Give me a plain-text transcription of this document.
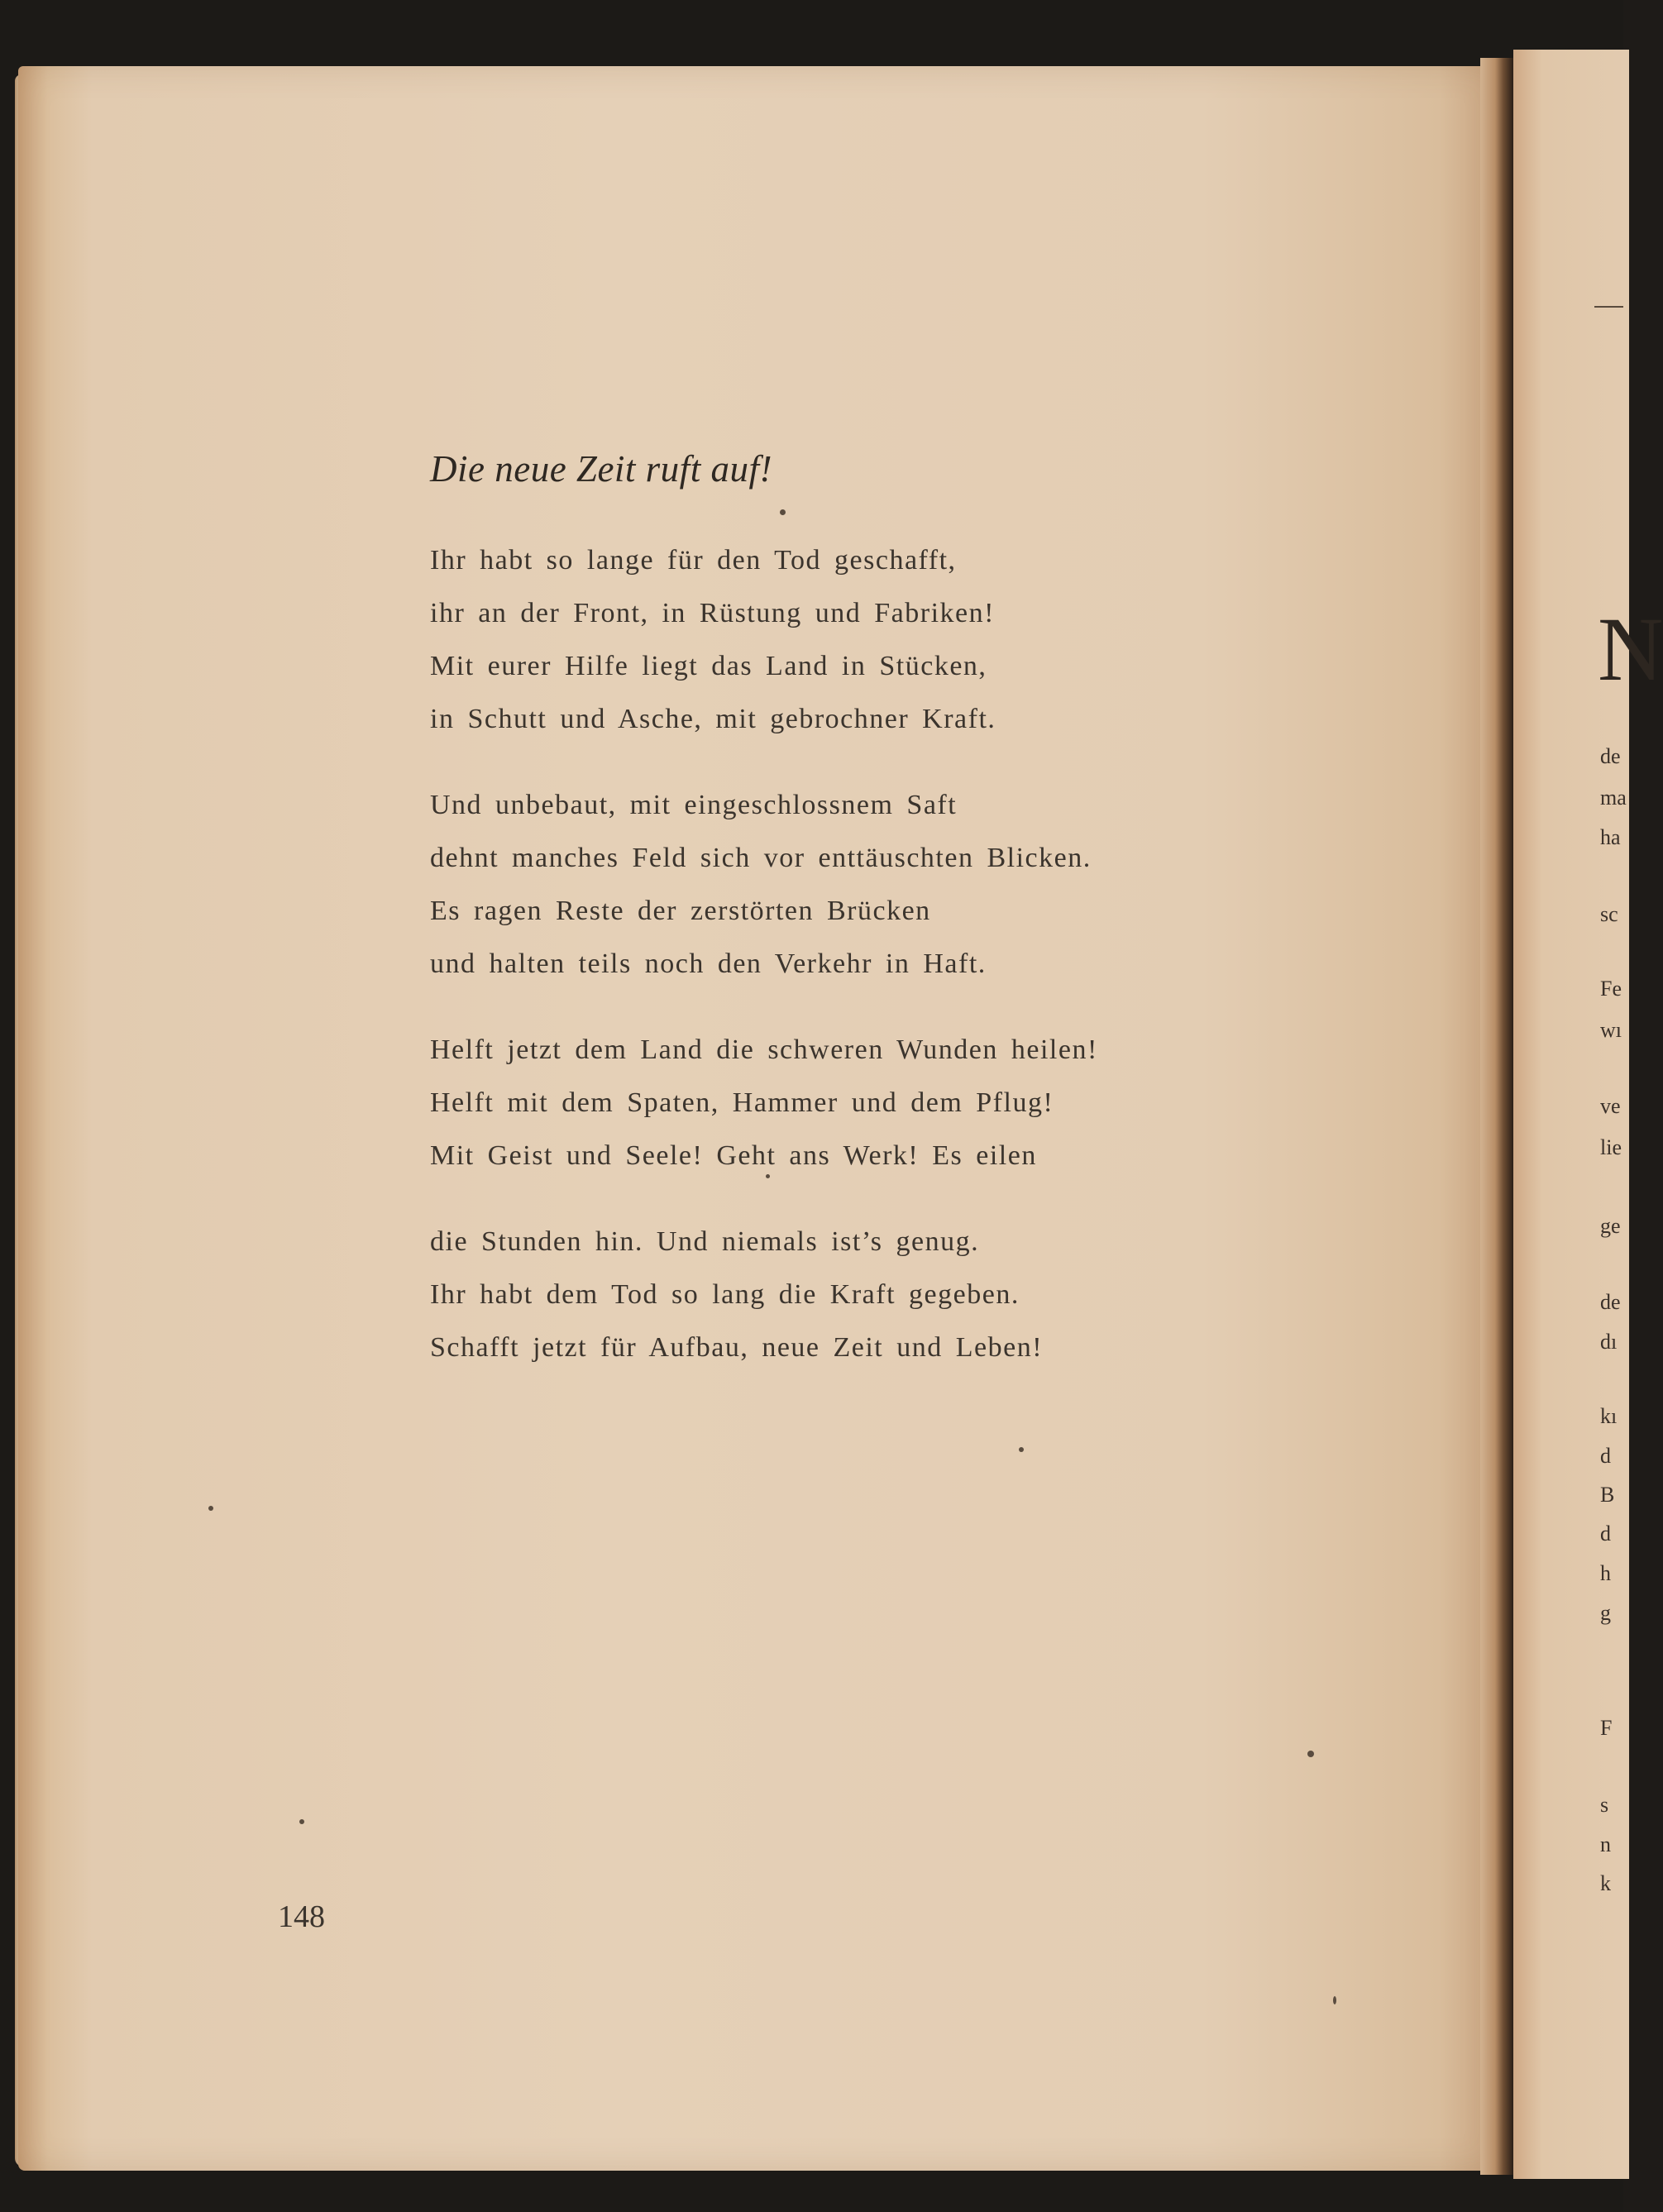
N
de
ma
ha
sc
Fe
wı
ve
lie
ge
de
dı
kı
d
B
d
h
g
F
s
n
k
Die neue Zeit ruft auf!
Ihr habt so lange für den Tod geschafft,
ihr an der Front, in Rüstung und Fabriken!
Mit eurer Hilfe liegt das Land in Stücken,
in Schutt und Asche, mit gebrochner Kraft.
Und unbebaut, mit eingeschlossnem Saft
dehnt manches Feld sich vor enttäuschten Blicken.
Es ragen Reste der zerstörten Brücken
und halten teils noch den Verkehr in Haft.
Helft jetzt dem Land die schweren Wunden heilen!
Helft mit dem Spaten, Hammer und dem Pflug!
Mit Geist und Seele! Geht ans Werk! Es eilen
die Stunden hin. Und niemals ist’s genug.
Ihr habt dem Tod so lang die Kraft gegeben.
Schafft jetzt für Aufbau, neue Zeit und Leben!
148
